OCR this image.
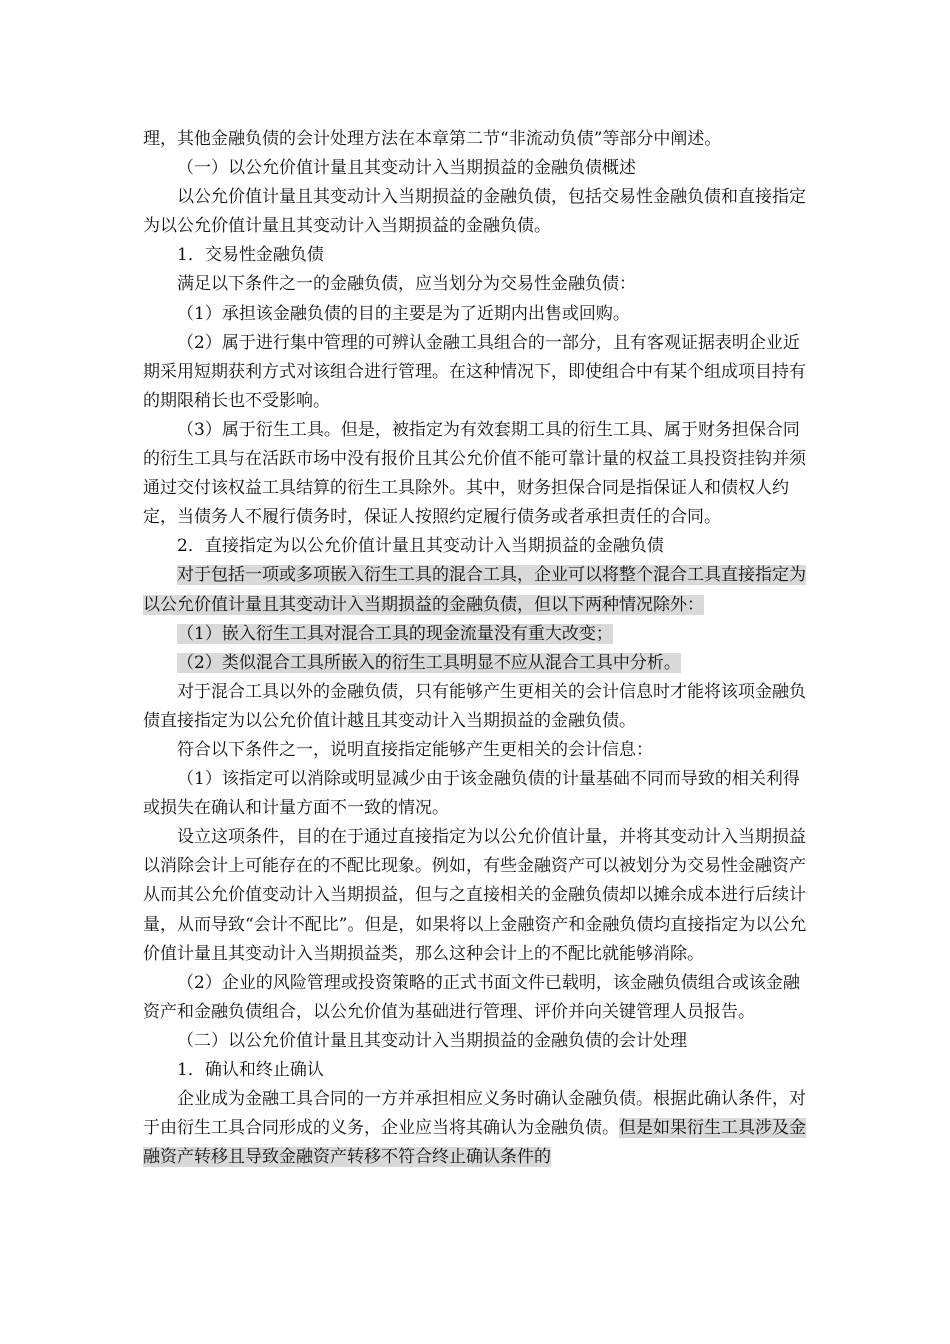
理，其他金融负债的会计处理方法在本章第二节“非流动负债”等部分中阐述。

（一）以公允价值计量且其变动计入当期损益的金融负债概述

以公允价值计量且其变动计入当期损益的金融负债，包括交易性金融负债和直接指定为以公允价值计量且其变动计入当期损益的金融负债。

1．交易性金融负债

满足以下条件之一的金融负债，应当划分为交易性金融负债：

（1）承担该金融负债的目的主要是为了近期内出售或回购。

（2）属于进行集中管理的可辨认金融工具组合的一部分，且有客观证据表明企业近期采用短期获利方式对该组合进行管理。在这种情况下，即使组合中有某个组成项目持有的期限稍长也不受影响。

（3）属于衍生工具。但是，被指定为有效套期工具的衍生工具、属于财务担保合同的衍生工具与在活跃市场中没有报价且其公允价值不能可靠计量的权益工具投资挂钩并须通过交付该权益工具结算的衍生工具除外。其中，财务担保合同是指保证人和债权人约定，当债务人不履行债务时，保证人按照约定履行债务或者承担责任的合同。

2．直接指定为以公允价值计量且其变动计入当期损益的金融负债

对于包括一项或多项嵌入衍生工具的混合工具，企业可以将整个混合工具直接指定为以公允价值计量且其变动计入当期损益的金融负债，但以下两种情况除外：

（1）嵌入衍生工具对混合工具的现金流量没有重大改变；

（2）类似混合工具所嵌入的衍生工具明显不应从混合工具中分析。

对于混合工具以外的金融负债，只有能够产生更相关的会计信息时才能将该项金融负债直接指定为以公允价值计越且其变动计入当期损益的金融负债。

符合以下条件之一，说明直接指定能够产生更相关的会计信息：

（1）该指定可以消除或明显减少由于该金融负债的计量基础不同而导致的相关利得或损失在确认和计量方面不一致的情况。

设立这项条件，目的在于通过直接指定为以公允价值计量，并将其变动计入当期损益以消除会计上可能存在的不配比现象。例如，有些金融资产可以被划分为交易性金融资产从而其公允价值变动计入当期损益，但与之直接相关的金融负债却以摊余成本进行后续计量，从而导致“会计不配比”。但是，如果将以上金融资产和金融负债均直接指定为以公允价值计量且其变动计入当期损益类，那么这种会计上的不配比就能够消除。

（2）企业的风险管理或投资策略的正式书面文件已载明，该金融负债组合或该金融资产和金融负债组合，以公允价值为基础进行管理、评价并向关键管理人员报告。

（二）以公允价值计量且其变动计入当期损益的金融负债的会计处理

1．确认和终止确认

企业成为金融工具合同的一方并承担相应义务时确认金融负债。根据此确认条件，对于由衍生工具合同形成的义务，企业应当将其确认为金融负债。但是如果衍生工具涉及金融资产转移且导致金融资产转移不符合终止确认条件的
